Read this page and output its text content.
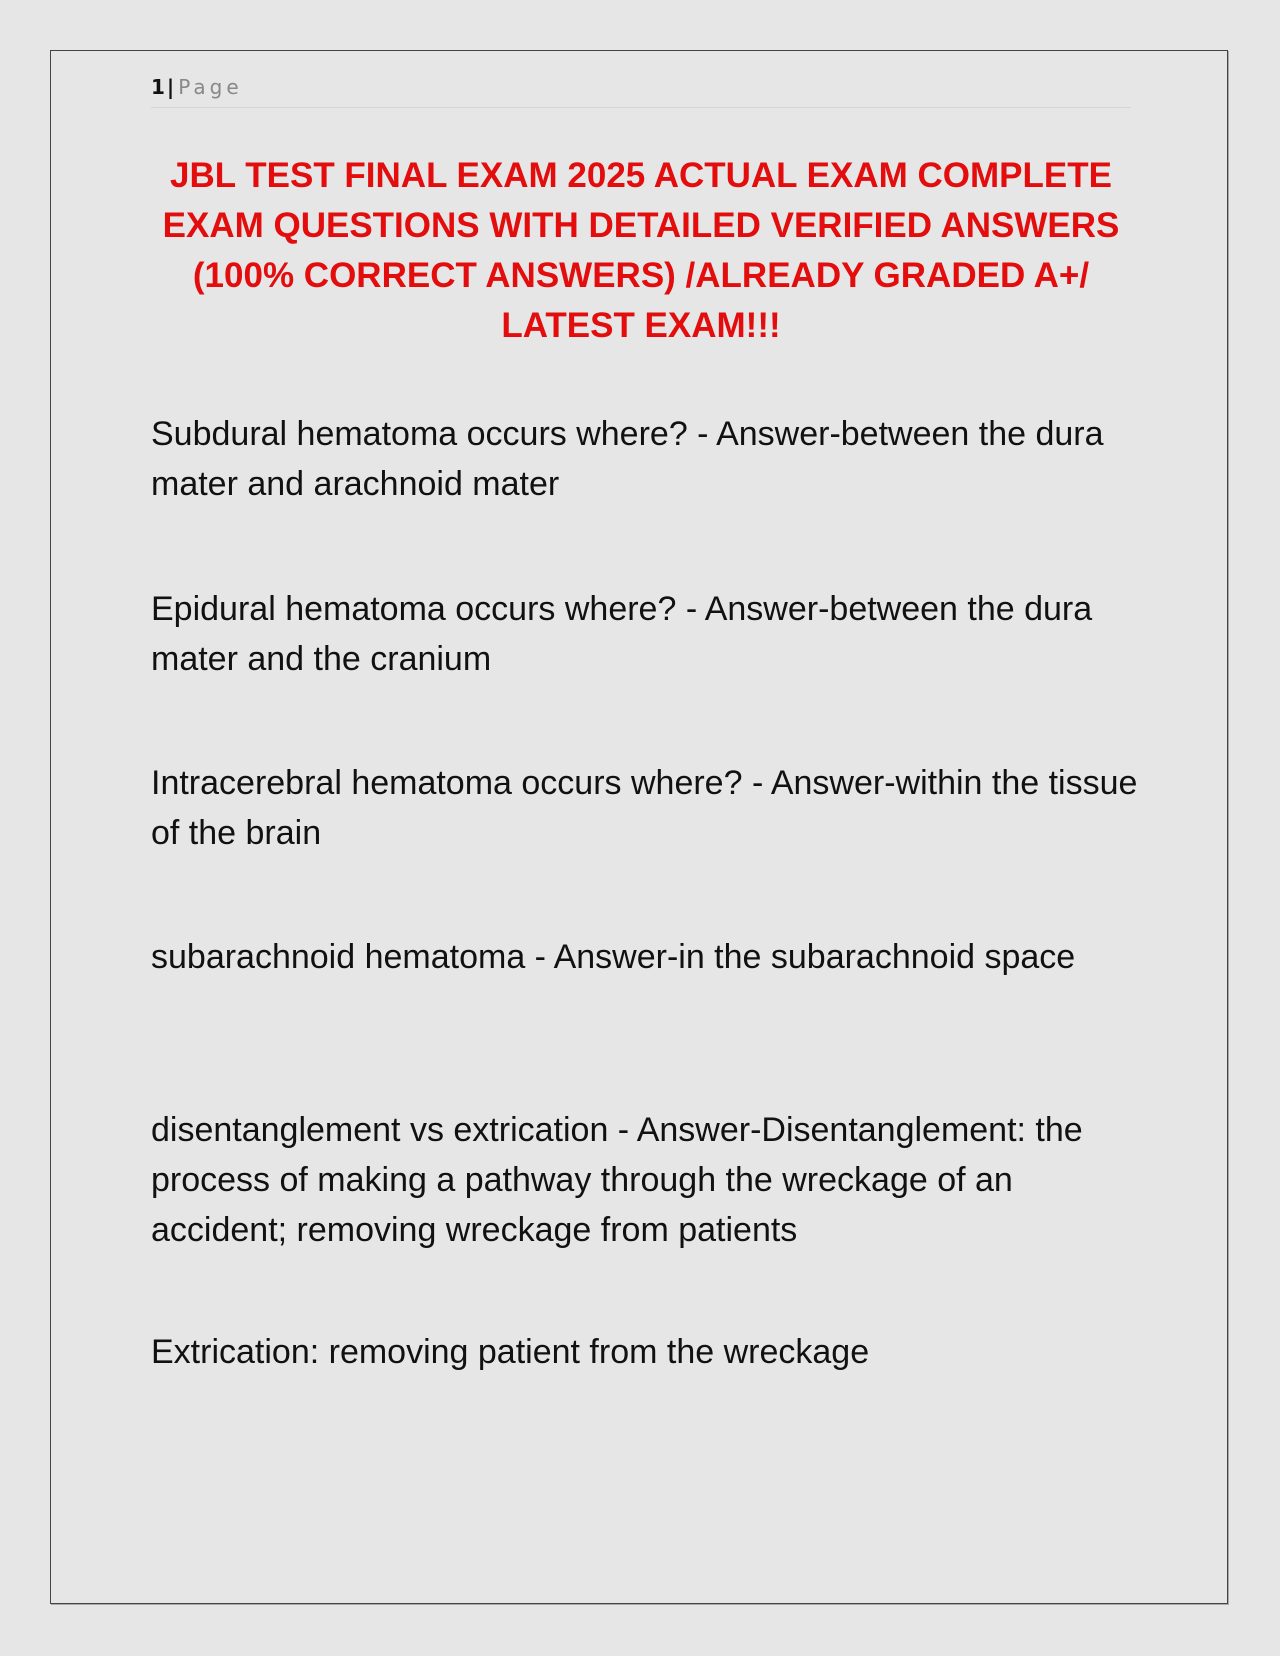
1 | Page
JBL TEST FINAL EXAM 2025 ACTUAL EXAM COMPLETE EXAM QUESTIONS WITH DETAILED VERIFIED ANSWERS (100% CORRECT ANSWERS) /ALREADY GRADED A+/ LATEST EXAM!!!
Subdural hematoma occurs where? - Answer-between the dura mater and arachnoid mater
Epidural hematoma occurs where? - Answer-between the dura mater and the cranium
Intracerebral hematoma occurs where? - Answer-within the tissue of the brain
subarachnoid hematoma - Answer-in the subarachnoid space
disentanglement vs extrication - Answer-Disentanglement: the process of making a pathway through the wreckage of an accident; removing wreckage from patients
Extrication: removing patient from the wreckage
